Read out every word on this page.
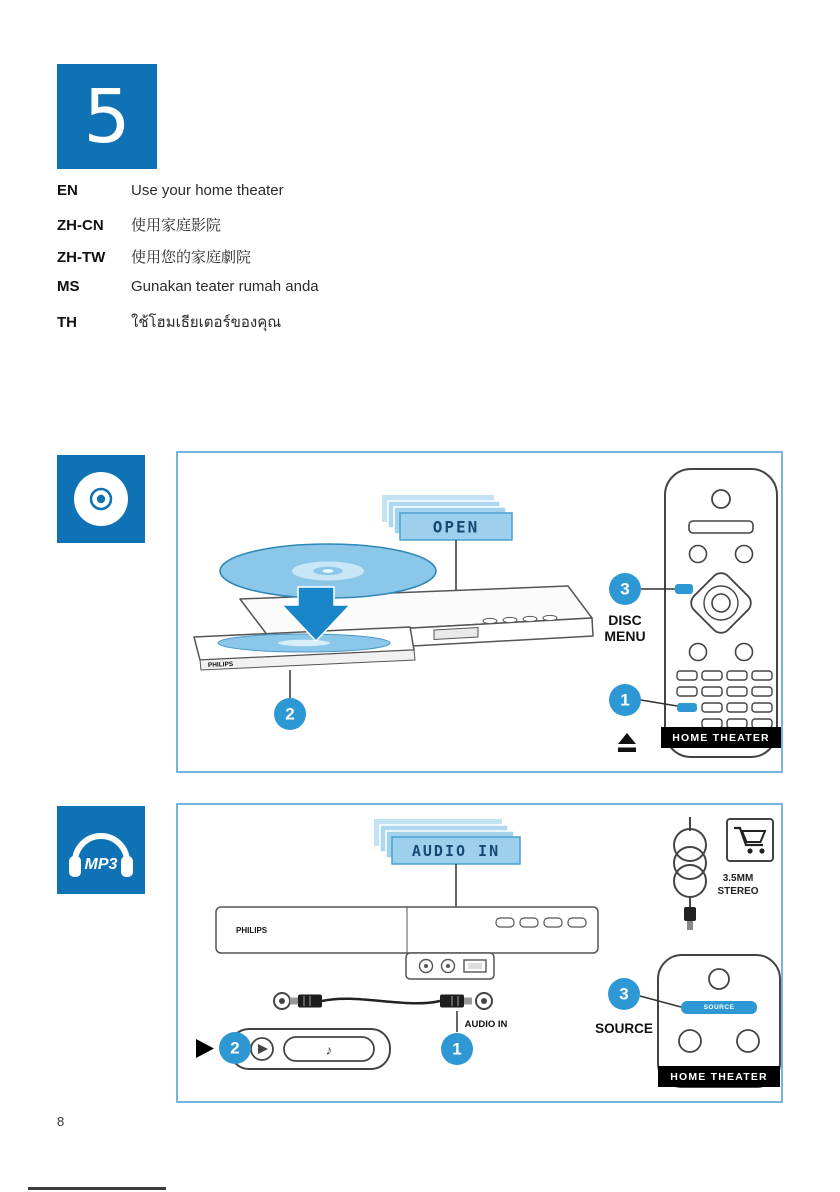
5
EN	Use your home theater
ZH-CN	使用家庭影院
ZH-TW	使用您的家庭劇院
MS	Gunakan teater rumah anda
TH	ใช้โฮมเธียเตอร์ของคุณ
OPEN
PHILIPS
2
3
DISC
MENU
1
HOME THEATER
MP3
AUDIO IN
PHILIPS
AUDIO IN
♪
2	1
3.5MM
STEREO
SOURCE
3
SOURCE
HOME THEATER
8
